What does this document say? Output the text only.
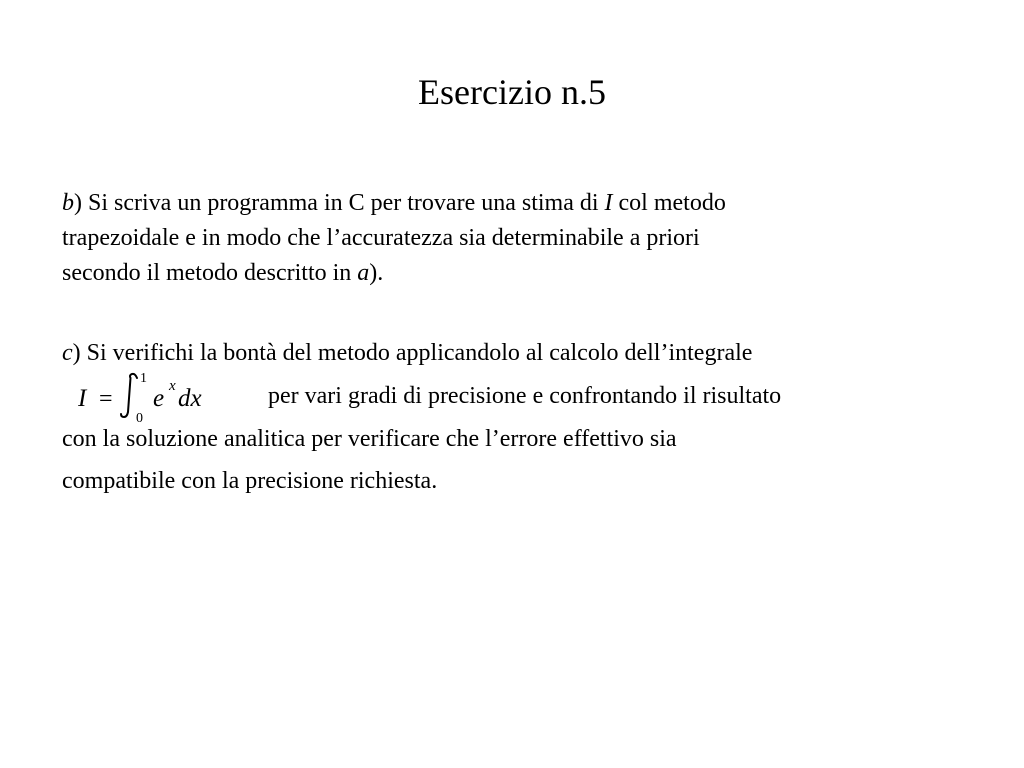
Esercizio n.5
b) Si scriva un programma in C per trovare una stima di I col metodo
trapezoidale e in modo che l’accuratezza sia determinabile a priori
secondo il metodo descritto in a).
c) Si verifichi la bontà del metodo applicandolo al calcolo dell’integrale
I =
1
0
e x dx	per vari gradi di precisione e confrontando il risultato
con la soluzione analitica per verificare che l’errore effettivo sia
compatibile con la precisione richiesta.
